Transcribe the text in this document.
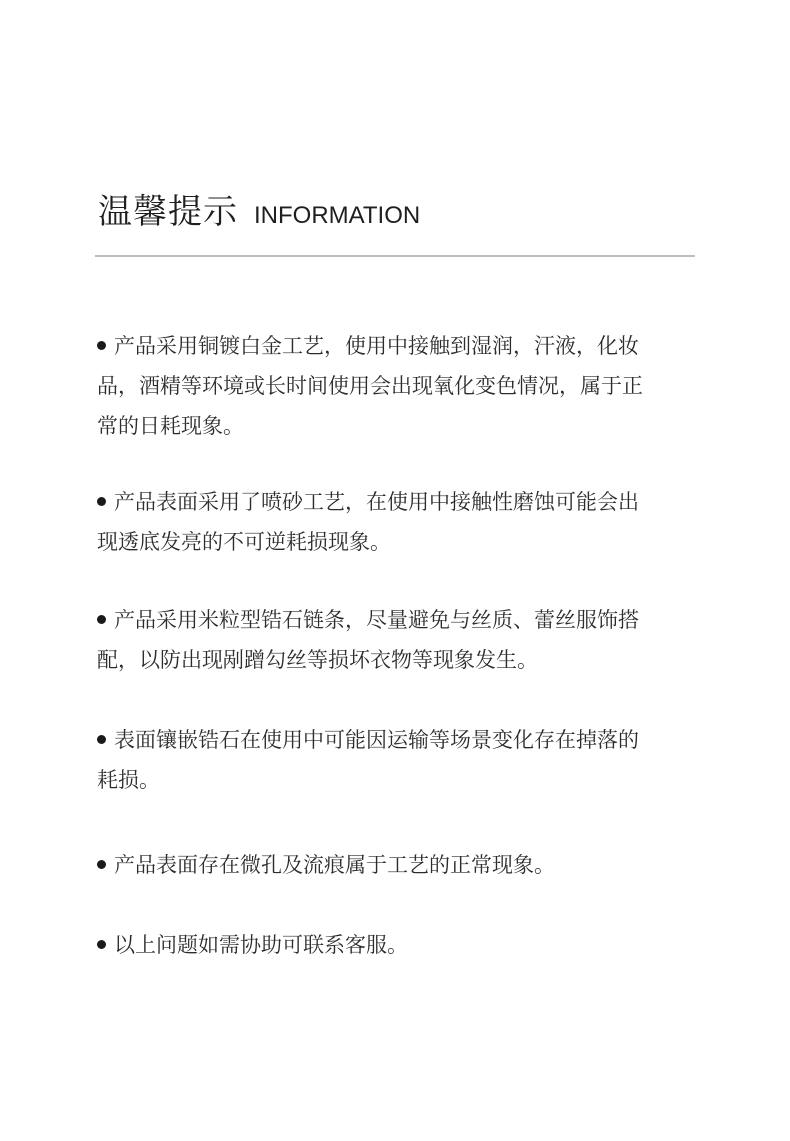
温馨提示 INFORMATION

产品采用铜镀白金工艺，使用中接触到湿润，汗液，化妆
品，酒精等环境或长时间使用会出现氧化变色情况，属于正
常的日耗现象。

产品表面采用了喷砂工艺，在使用中接触性磨蚀可能会出
现透底发亮的不可逆耗损现象。

产品采用米粒型锆石链条，尽量避免与丝质、蕾丝服饰搭
配，以防出现剐蹭勾丝等损坏衣物等现象发生。

表面镶嵌锆石在使用中可能因运输等场景变化存在掉落的
耗损。

产品表面存在微孔及流痕属于工艺的正常现象。

以上问题如需协助可联系客服。
